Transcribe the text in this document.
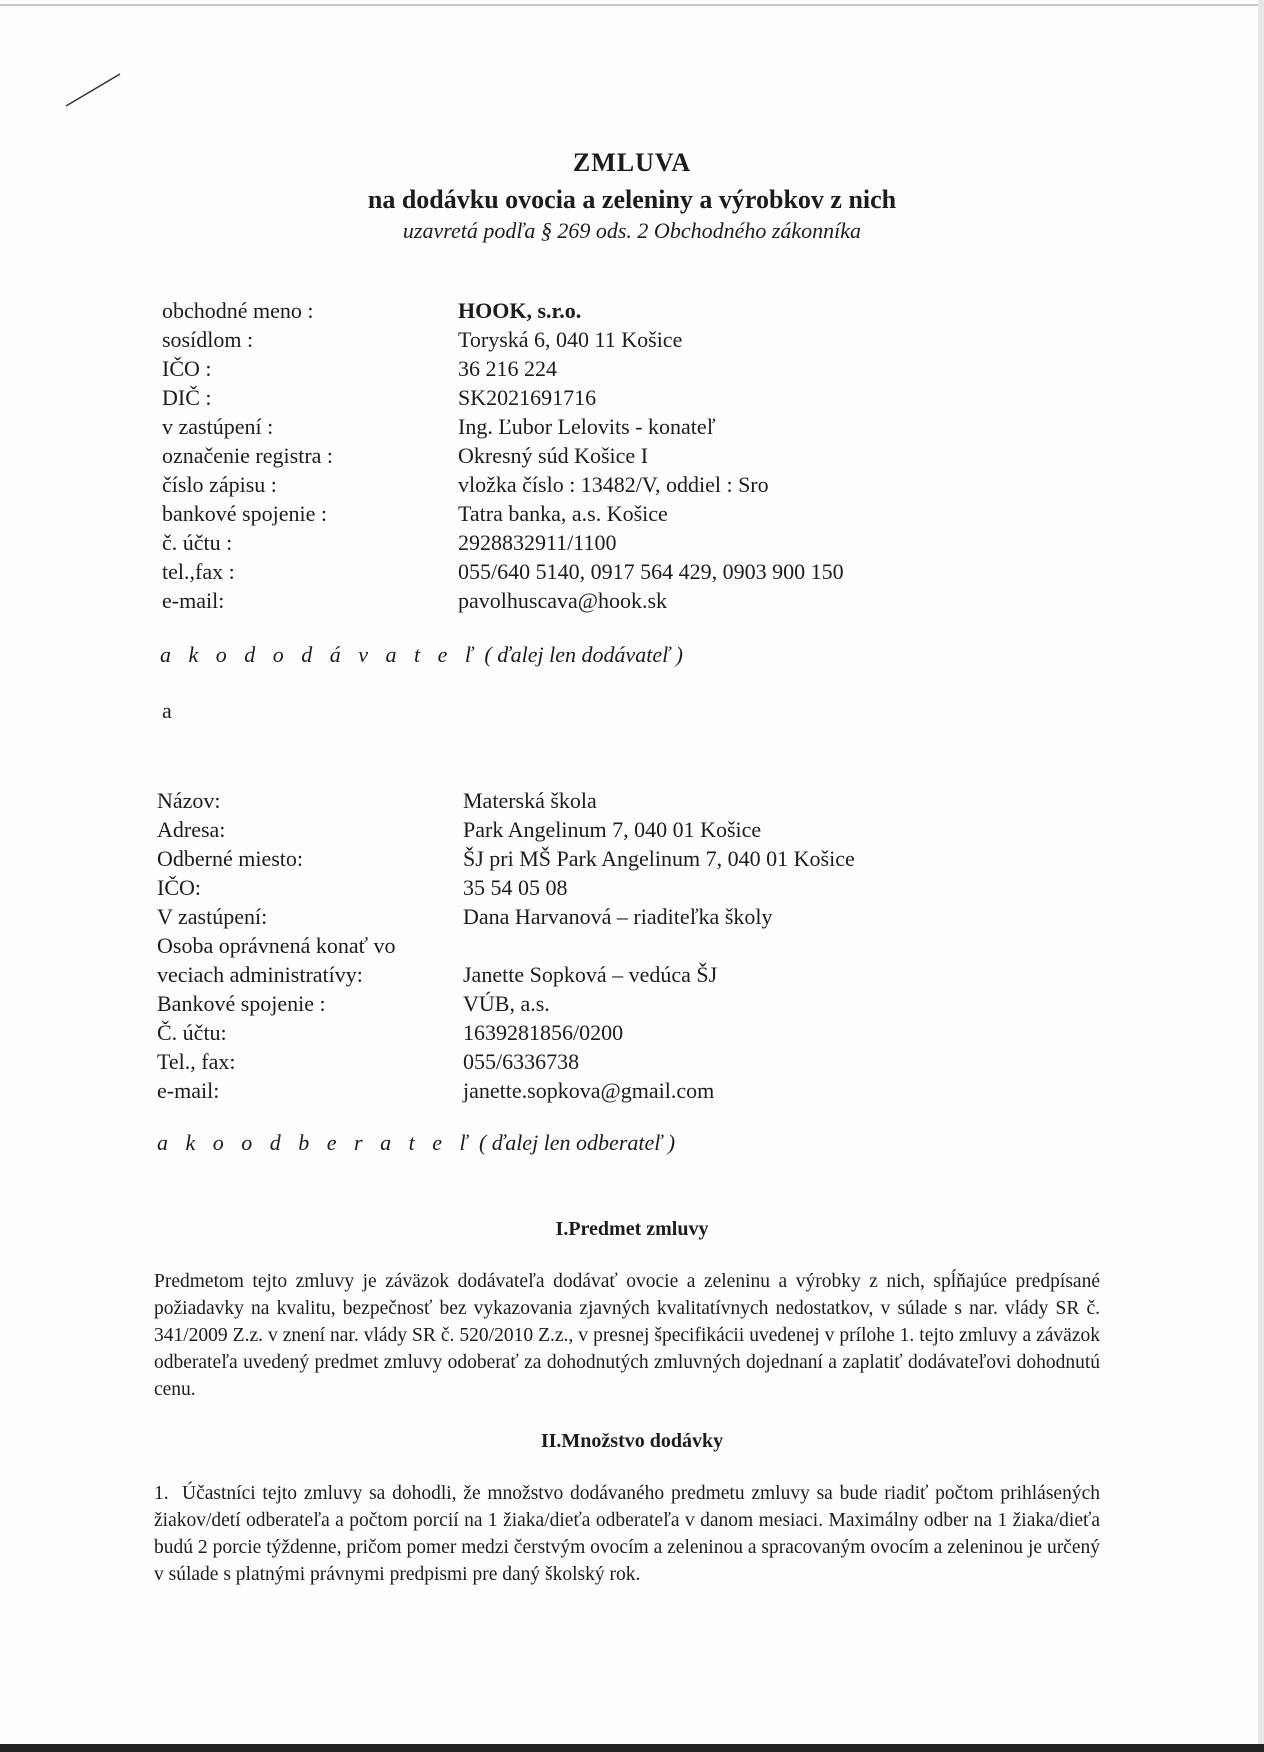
ZMLUVA
na dodávku ovocia a zeleniny a výrobkov z nich
uzavretá podľa § 269 ods. 2 Obchodného zákonníka
obchodné meno :	HOOK, s.r.o.
sosídlom :	Toryská 6, 040 11 Košice
IČO :	36 216 224
DIČ :	SK2021691716
v zastúpení :	Ing. Ľubor Lelovits - konateľ
označenie registra :	Okresný súd Košice I
číslo zápisu :	vložka číslo : 13482/V, oddiel : Sro
bankové spojenie :	Tatra banka, a.s. Košice
č. účtu :	2928832911/1100
tel.,fax :	055/640 5140, 0917 564 429, 0903 900 150
e-mail:	pavolhuscava@hook.sk
a k o d o d á v a t e ľ ( ďalej len dodávateľ )
a
Názov:	Materská škola
Adresa:	Park Angelinum 7, 040 01 Košice
Odberné miesto:	ŠJ pri MŠ Park Angelinum 7, 040 01 Košice
IČO:	35 54 05 08
V zastúpení:	Dana Harvanová – riaditeľka školy
Osoba oprávnená konať vo
veciach administratívy:	Janette Sopková – vedúca ŠJ
Bankové spojenie :	VÚB, a.s.
Č. účtu:	1639281856/0200
Tel., fax:	055/6336738
e-mail:	janette.sopkova@gmail.com
a k o o d b e r a t e ľ ( ďalej len odberateľ )
I.Predmet zmluvy
Predmetom tejto zmluvy je záväzok dodávateľa dodávať ovocie a zeleninu a výrobky z nich, spĺňajúce predpísané požiadavky na kvalitu, bezpečnosť bez vykazovania zjavných kvalitatívnych nedostatkov, v súlade s nar. vlády SR č. 341/2009 Z.z. v znení nar. vlády SR č. 520/2010 Z.z., v presnej špecifikácii uvedenej v prílohe 1. tejto zmluvy a záväzok odberateľa uvedený predmet zmluvy odoberať za dohodnutých zmluvných dojednaní a zaplatiť dodávateľovi dohodnutú cenu.
II.Množstvo dodávky
1. Účastníci tejto zmluvy sa dohodli, že množstvo dodávaného predmetu zmluvy sa bude riadiť počtom prihlásených žiakov/detí odberateľa a počtom porcií na 1 žiaka/dieťa odberateľa v danom mesiaci. Maximálny odber na 1 žiaka/dieťa budú 2 porcie týždenne, pričom pomer medzi čerstvým ovocím a zeleninou a spracovaným ovocím a zeleninou je určený v súlade s platnými právnymi predpismi pre daný školský rok.
